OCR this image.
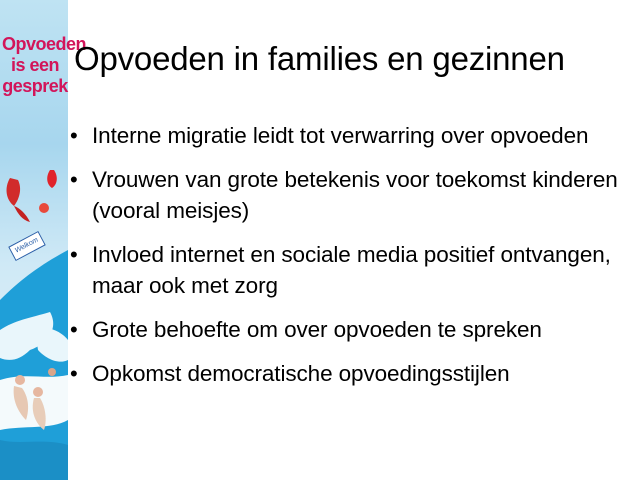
Opvoeden
is een
gesprek
Welkom
Opvoeden in families en gezinnen
• Interne migratie leidt tot verwarring over opvoeden
• Vrouwen van grote betekenis voor toekomst kinderen (vooral meisjes)
• Invloed internet en sociale media positief ontvangen, maar ook met zorg
• Grote behoefte om over opvoeden te spreken
• Opkomst democratische opvoedingsstijlen
